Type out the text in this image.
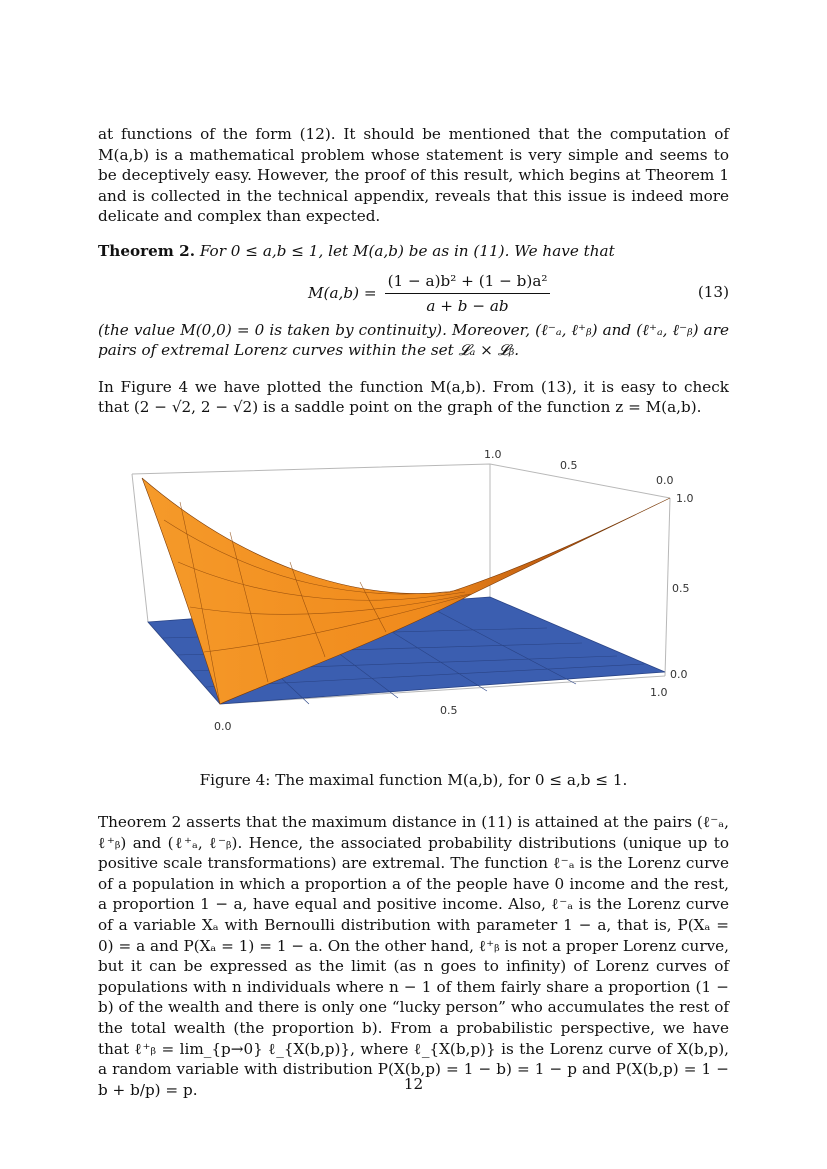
at functions of the form (12). It should be mentioned that the computation of M(a,b) is a mathematical problem whose statement is very simple and seems to be deceptively easy. However, the proof of this result, which begins at Theorem 1 and is collected in the technical appendix, reveals that this issue is indeed more delicate and complex than expected.

Theorem 2. For 0 ≤ a,b ≤ 1, let M(a,b) be as in (11). We have that

$M(a,b) = \frac{\text{(1 − a)b² + (1 − b)a²}}{a + b - ab}$	(13)

(the value M(0,0) = 0 is taken by continuity). Moreover, (ℓ⁻ₐ, ℓ⁺ᵦ) and (ℓ⁺ₐ, ℓ⁻ᵦ) are pairs of extremal Lorenz curves within the set 𝓛ₐ × 𝓛ᵦ.

In Figure 4 we have plotted the function M(a,b). From (13), it is easy to check that (2 − √2, 2 − √2) is a saddle point on the graph of the function z = M(a,b).

0.0
0.5
1.0
1.0
0.5
0.0
1.0
0.5
0.0
Figure 4: The maximal function M(a,b), for 0 ≤ a,b ≤ 1.

Theorem 2 asserts that the maximum distance in (11) is attained at the pairs (ℓ⁻ₐ, ℓ⁺ᵦ) and (ℓ⁺ₐ, ℓ⁻ᵦ). Hence, the associated probability distributions (unique up to positive scale transformations) are extremal. The function ℓ⁻ₐ is the Lorenz curve of a population in which a proportion a of the people have 0 income and the rest, a proportion 1 − a, have equal and positive income. Also, ℓ⁻ₐ is the Lorenz curve of a variable Xₐ with Bernoulli distribution with parameter 1 − a, that is, P(Xₐ = 0) = a and P(Xₐ = 1) = 1 − a. On the other hand, ℓ⁺ᵦ is not a proper Lorenz curve, but it can be expressed as the limit (as n goes to infinity) of Lorenz curves of populations with n individuals where n − 1 of them fairly share a proportion (1 − b) of the wealth and there is only one “lucky person” who accumulates the rest of the total wealth (the proportion b). From a probabilistic perspective, we have that ℓ⁺ᵦ = lim_{p→0} ℓ_{X(b,p)}, where ℓ_{X(b,p)} is the Lorenz curve of X(b,p), a random variable with distribution P(X(b,p) = 1 − b) = 1 − p and P(X(b,p) = 1 − b + b/p) = p.	12
